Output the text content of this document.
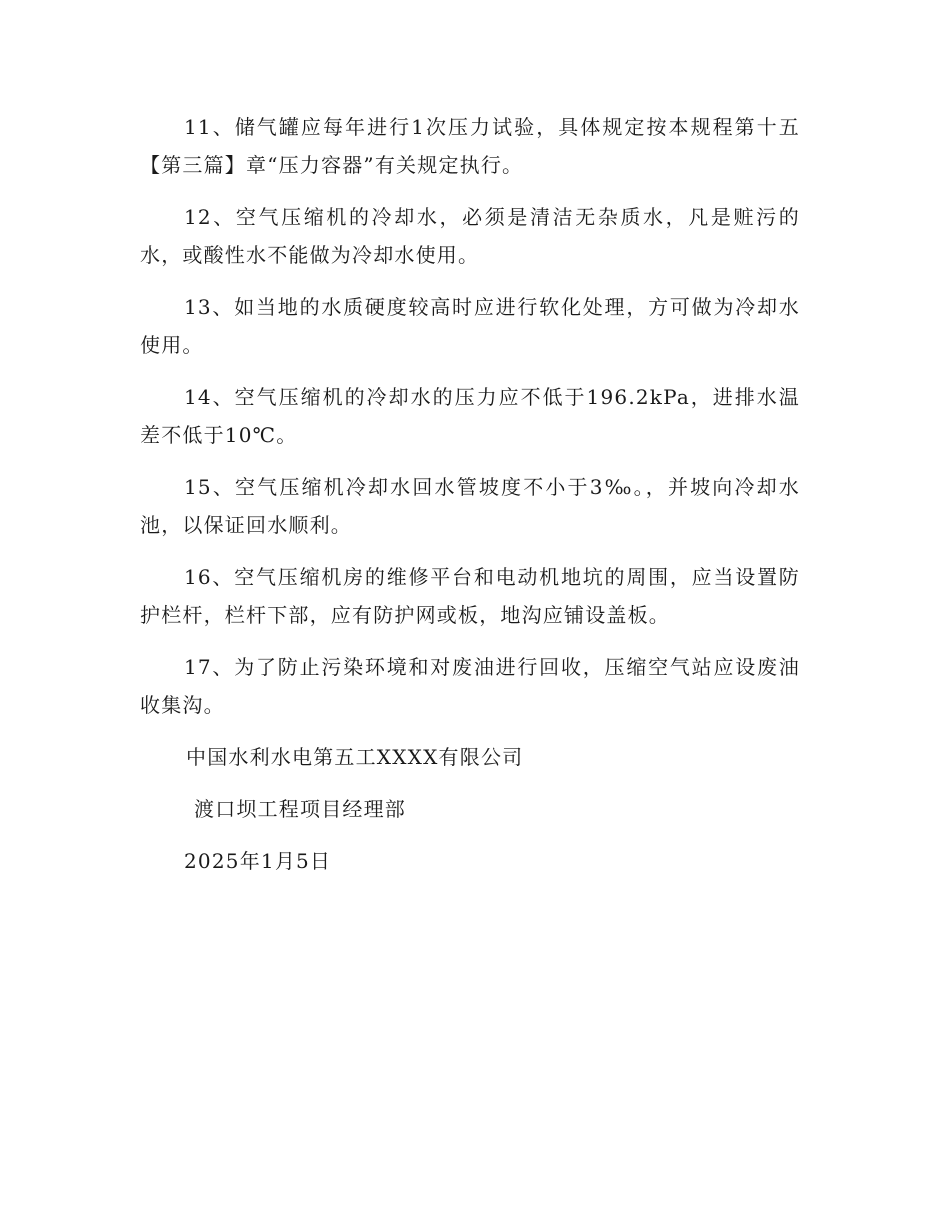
11、储气罐应每年进行1次压力试验，具体规定按本规程第十五【第三篇】章“压力容器”有关规定执行。

12、空气压缩机的冷却水，必须是清洁无杂质水，凡是赃污的水，或酸性水不能做为冷却水使用。

13、如当地的水质硬度较高时应进行软化处理，方可做为冷却水使用。

14、空气压缩机的冷却水的压力应不低于196.2kPa，进排水温差不低于10℃。

15、空气压缩机冷却水回水管坡度不小于3‰。，并坡向冷却水池，以保证回水顺利。

16、空气压缩机房的维修平台和电动机地坑的周围，应当设置防护栏杆，栏杆下部，应有防护网或板，地沟应铺设盖板。

17、为了防止污染环境和对废油进行回收，压缩空气站应设废油收集沟。

中国水利水电第五工XXXX有限公司
渡口坝工程项目经理部
2025年1月5日
